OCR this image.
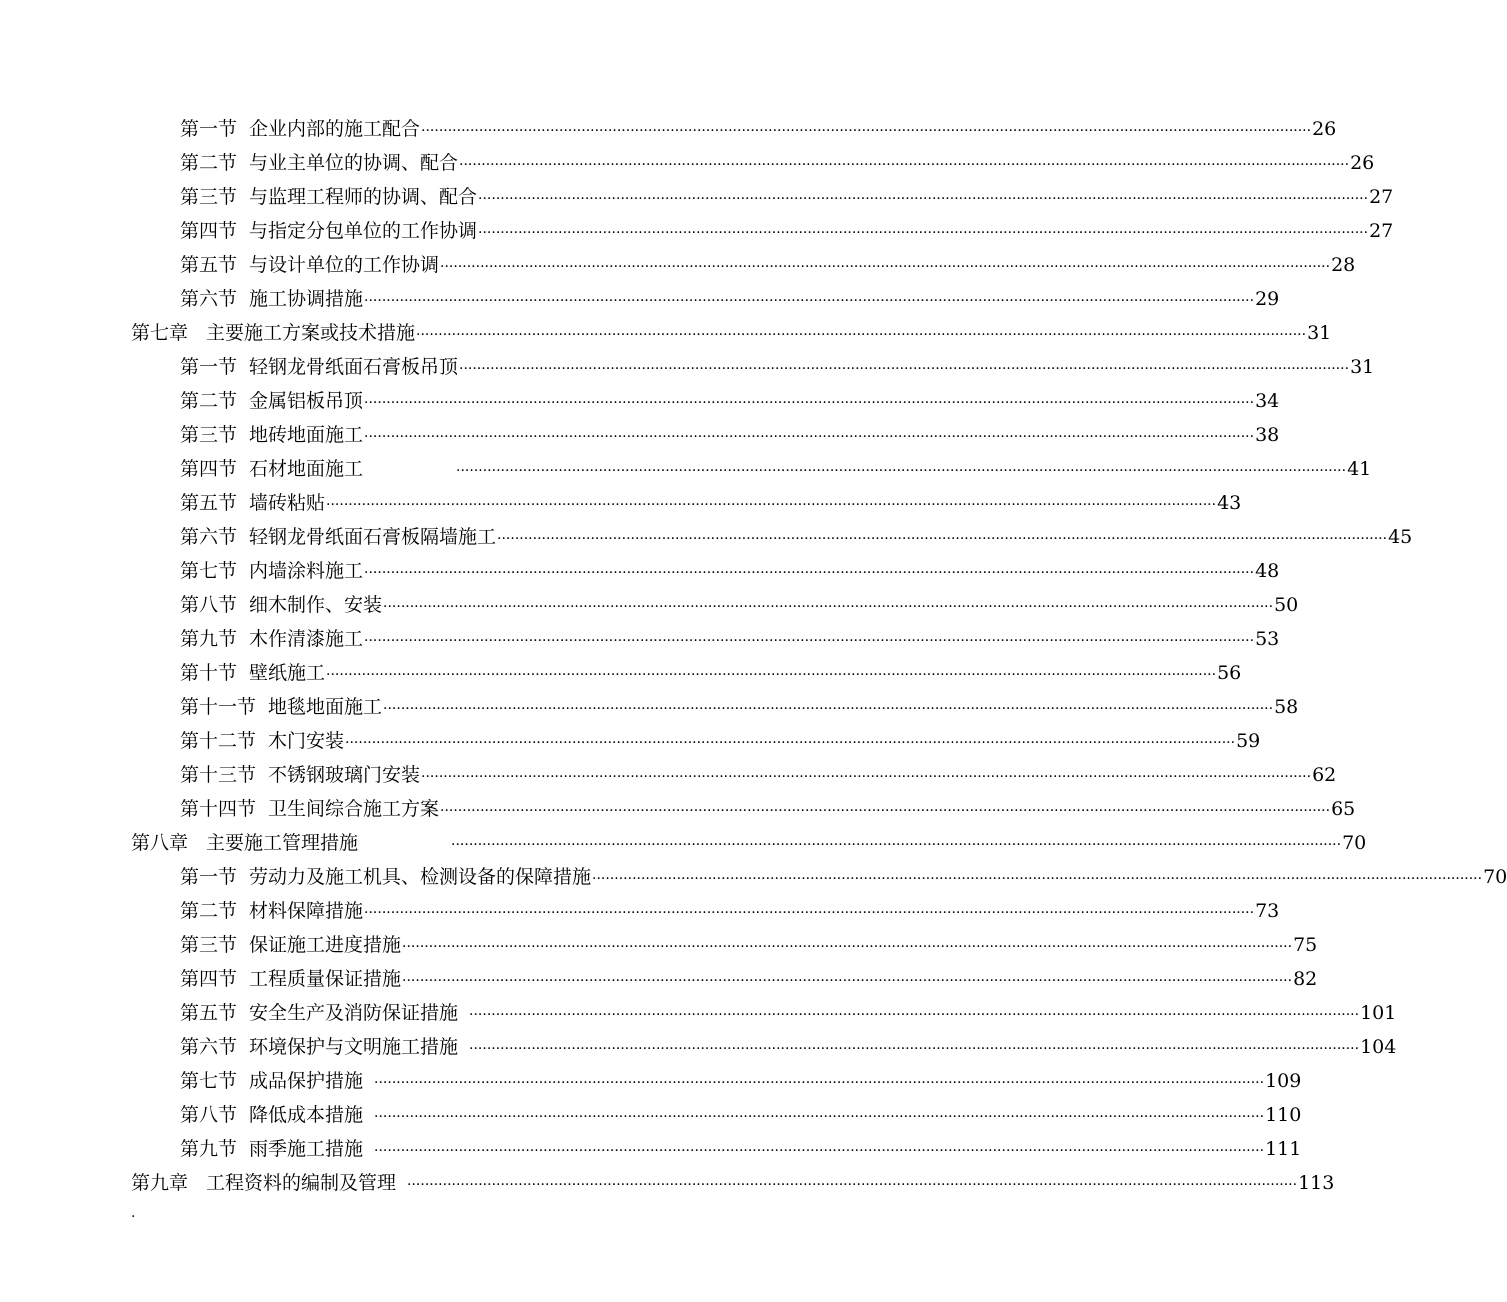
第一节 企业内部的施工配合 ········································································································································································································ 26
第二节 与业主单位的协调、配合 ········································································································································································································ 26
第三节 与监理工程师的协调、配合 ········································································································································································································ 27
第四节 与指定分包单位的工作协调 ········································································································································································································ 27
第五节 与设计单位的工作协调 ········································································································································································································ 28
第六节 施工协调措施 ········································································································································································································ 29
第七章 主要施工方案或技术措施 ········································································································································································································ 31
第一节 轻钢龙骨纸面石膏板吊顶 ········································································································································································································ 31
第二节 金属铝板吊顶 ········································································································································································································ 34
第三节 地砖地面施工 ········································································································································································································ 38
第四节 石材地面施工	········································································································································································································ 41
第五节 墙砖粘贴 ········································································································································································································ 43
第六节 轻钢龙骨纸面石膏板隔墙施工 ········································································································································································································ 45
第七节 内墙涂料施工 ········································································································································································································ 48
第八节 细木制作、安装 ········································································································································································································ 50
第九节 木作清漆施工 ········································································································································································································ 53
第十节 壁纸施工 ········································································································································································································ 56
第十一节 地毯地面施工 ········································································································································································································ 58
第十二节 木门安装 ········································································································································································································ 59
第十三节 不锈钢玻璃门安装 ········································································································································································································ 62
第十四节 卫生间综合施工方案 ········································································································································································································ 65
第八章 主要施工管理措施	········································································································································································································ 70
第一节 劳动力及施工机具、检测设备的保障措施 ········································································································································································································ 70
第二节 材料保障措施 ········································································································································································································ 73
第三节 保证施工进度措施 ········································································································································································································ 75
第四节 工程质量保证措施 ········································································································································································································ 82
第五节 安全生产及消防保证措施 ········································································································································································································ 101
第六节 环境保护与文明施工措施 ········································································································································································································ 104
第七节 成品保护措施 ········································································································································································································ 109
第八节 降低成本措施 ········································································································································································································ 110
第九节 雨季施工措施 ········································································································································································································ 111
第九章 工程资料的编制及管理 ········································································································································································································ 113
.
